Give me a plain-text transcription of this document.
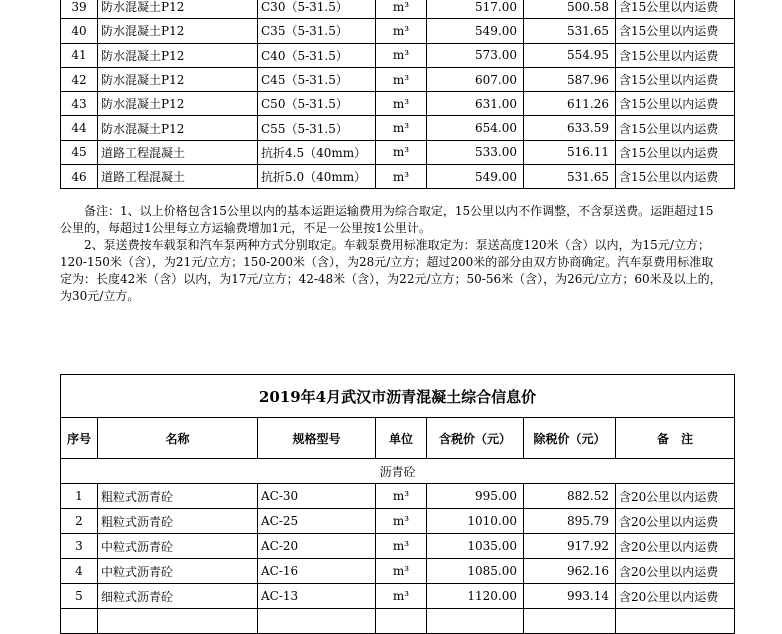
39	防水混凝土P12	C30（5-31.5）	m³	517.00	500.58	含15公里以内运费
40	防水混凝土P12	C35（5-31.5）	m³	549.00	531.65	含15公里以内运费
41	防水混凝土P12	C40（5-31.5）	m³	573.00	554.95	含15公里以内运费
42	防水混凝土P12	C45（5-31.5）	m³	607.00	587.96	含15公里以内运费
43	防水混凝土P12	C50（5-31.5）	m³	631.00	611.26	含15公里以内运费
44	防水混凝土P12	C55（5-31.5）	m³	654.00	633.59	含15公里以内运费
45	道路工程混凝土	抗折4.5（40mm）	m³	533.00	516.11	含15公里以内运费
46	道路工程混凝土	抗折5.0（40mm）	m³	549.00	531.65	含15公里以内运费

备注：1、以上价格包含15公里以内的基本运距运输费用为综合取定，15公里以内不作调整，不含泵送费。运距超过15公里的，每超过1公里每立方运输费增加1元，不足一公里按1公里计。

2、泵送费按车载泵和汽车泵两种方式分别取定。车载泵费用标准取定为：泵送高度120米（含）以内，为15元/立方；120-150米（含），为21元/立方；150-200米（含），为28元/立方；超过200米的部分由双方协商确定。汽车泵费用标准取定为：长度42米（含）以内，为17元/立方；42-48米（含），为22元/立方；50-56米（含），为26元/立方；60米及以上的，为30元/立方。

2019年4月武汉市沥青混凝土综合信息价						
序号	名称	规格型号	单位	含税价（元）	除税价（元）	备　注
沥青砼						
1	粗粒式沥青砼	AC-30	m³	995.00	882.52	含20公里以内运费
2	粗粒式沥青砼	AC-25	m³	1010.00	895.79	含20公里以内运费
3	中粒式沥青砼	AC-20	m³	1035.00	917.92	含20公里以内运费
4	中粒式沥青砼	AC-16	m³	1085.00	962.16	含20公里以内运费
5	细粒式沥青砼	AC-13	m³	1120.00	993.14	含20公里以内运费
